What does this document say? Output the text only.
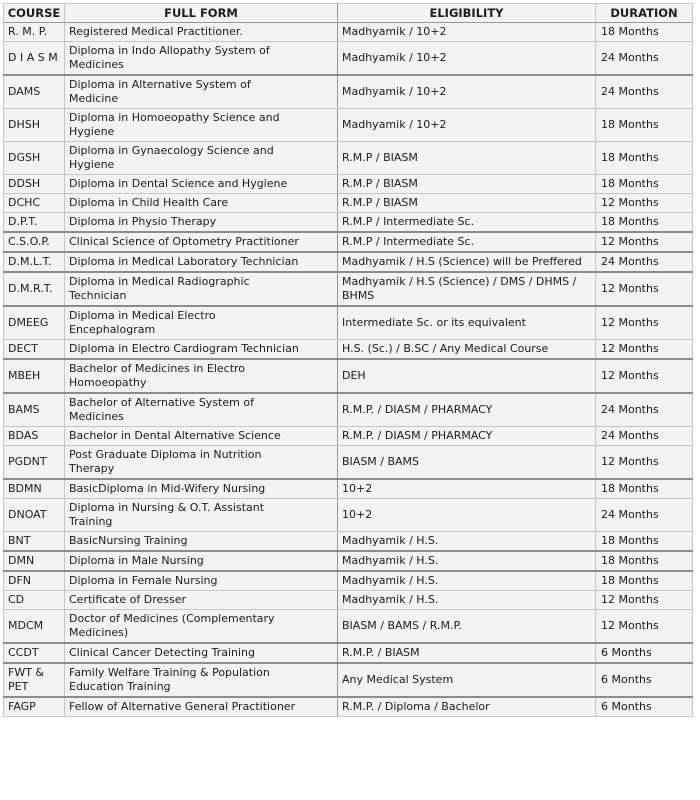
COURSE	FULL FORM	ELIGIBILITY	DURATION
R. M. P.	Registered Medical Practitioner.	Madhyamik / 10+2	18 Months
D I A S M	Diploma in Indo Allopathy System of Medicines	Madhyamik / 10+2	24 Months
DAMS	Diploma in Alternative System of Medicine	Madhyamik / 10+2	24 Months
DHSH	Diploma in Homoeopathy Science and Hygiene	Madhyamik / 10+2	18 Months
DGSH	Diploma in Gynaecology Science and Hygiene	R.M.P / BIASM	18 Months
DDSH	Diploma in Dental Science and Hygiene	R.M.P / BIASM	18 Months
DCHC	Diploma in Child Health Care	R.M.P / BIASM	12 Months
D.P.T.	Diploma in Physio Therapy	R.M.P / Intermediate Sc.	18 Months
C.S.O.P.	Clinical Science of Optometry Practitioner	R.M.P / Intermediate Sc.	12 Months
D.M.L.T.	Diploma in Medical Laboratory Technician	Madhyamik / H.S (Science) will be Preffered	24 Months
D.M.R.T.	Diploma in Medical Radiographic Technician	Madhyamik / H.S (Science) / DMS / DHMS / BHMS	12 Months
DMEEG	Diploma in Medical Electro Encephalogram	Intermediate Sc. or its equivalent	12 Months
DECT	Diploma in Electro Cardiogram Technician	H.S. (Sc.) / B.SC / Any Medical Course	12 Months
MBEH	Bachelor of Medicines in Electro Homoeopathy	DEH	12 Months
BAMS	Bachelor of Alternative System of Medicines	R.M.P. / DIASM / PHARMACY	24 Months
BDAS	Bachelor in Dental Alternative Science	R.M.P. / DIASM / PHARMACY	24 Months
PGDNT	Post Graduate Diploma in Nutrition Therapy	BIASM / BAMS	12 Months
BDMN	BasicDiploma in Mid-Wifery Nursing	10+2	18 Months
DNOAT	Diploma in Nursing & O.T. Assistant Training	10+2	24 Months
BNT	BasicNursing Training	Madhyamik / H.S.	18 Months
DMN	Diploma in Male Nursing	Madhyamik / H.S.	18 Months
DFN	Diploma in Female Nursing	Madhyamik / H.S.	18 Months
CD	Certificate of Dresser	Madhyamik / H.S.	12 Months
MDCM	Doctor of Medicines (Complementary Medicines)	BIASM / BAMS / R.M.P.	12 Months
CCDT	Clinical Cancer Detecting Training	R.M.P. / BIASM	6 Months
FWT & PET	Family Welfare Training & Population Education Training	Any Medical System	6 Months
FAGP	Fellow of Alternative General Practitioner	R.M.P. / Diploma / Bachelor	6 Months
